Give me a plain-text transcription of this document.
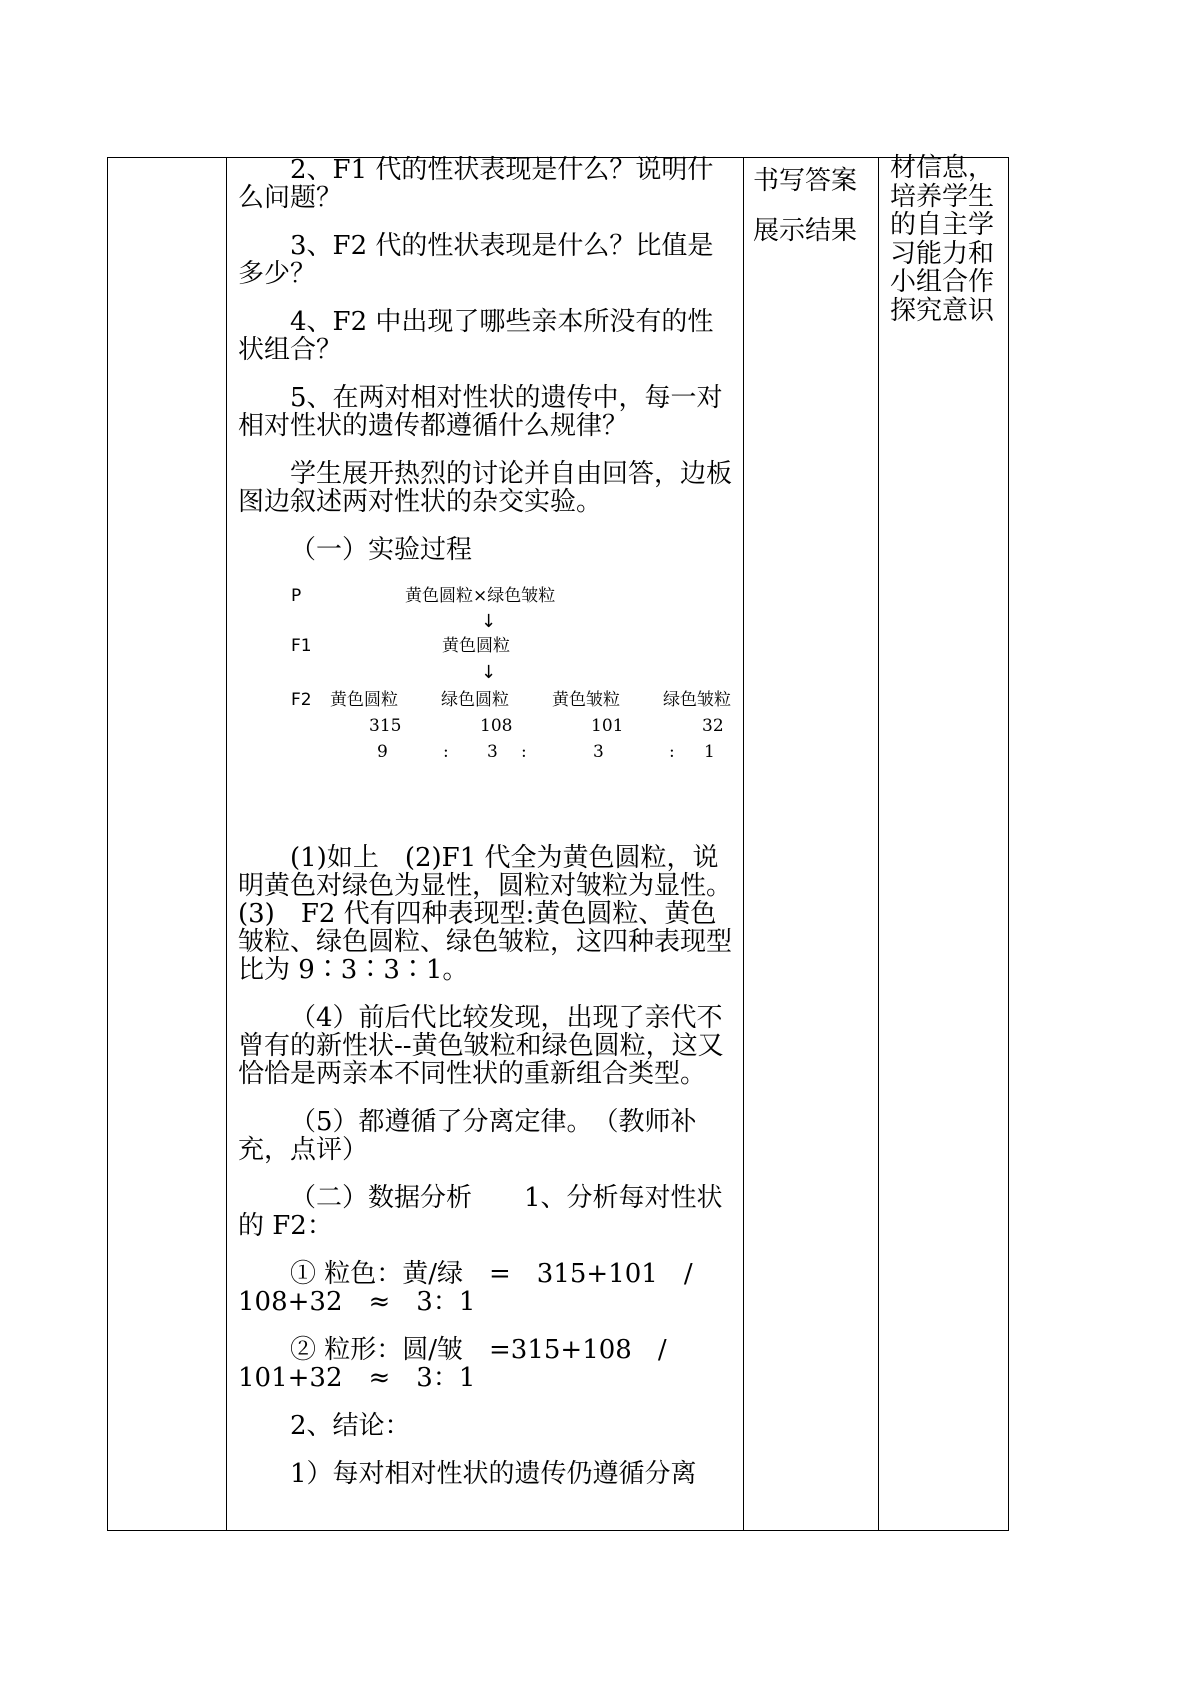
2、F1 代的性状表现是什么？说明什么问题？

3、F2 代的性状表现是什么？比值是多少？

4、F2 中出现了哪些亲本所没有的性状组合？

5、在两对相对性状的遗传中，每一对相对性状的遗传都遵循什么规律？

学生展开热烈的讨论并自由回答，边板图边叙述两对性状的杂交实验。

（一）实验过程

P	黄色圆粒×绿色皱粒
↓
F1	黄色圆粒
↓
F2 黄色圆粒	绿色圆粒	黄色皱粒	绿色皱粒
315	108	101	32
9	: 3 :	3	: 1

(1)如上　(2)F1 代全为黄色圆粒，说明黄色对绿色为显性，圆粒对皱粒为显性。　(3)　F2 代有四种表现型:黄色圆粒、黄色皱粒、绿色圆粒、绿色皱粒，这四种表现型比为 9∶3∶3∶1。

（4）前后代比较发现，出现了亲代不曾有的新性状--黄色皱粒和绿色圆粒，这又恰恰是两亲本不同性状的重新组合类型。

（5）都遵循了分离定律。　（教师补充，点评）

（二）数据分析　　1、分析每对性状的 F2：

① 粒色：黄/绿　=　315+101　/　108+32　≈　3：1

② 粒形：圆/皱　=315+108　/　101+32　≈　3：1

2、结论：

1）每对相对性状的遗传仍遵循分离

书写答案
展示结果
材信息，培养学生的自主学习能力和小组合作探究意识
